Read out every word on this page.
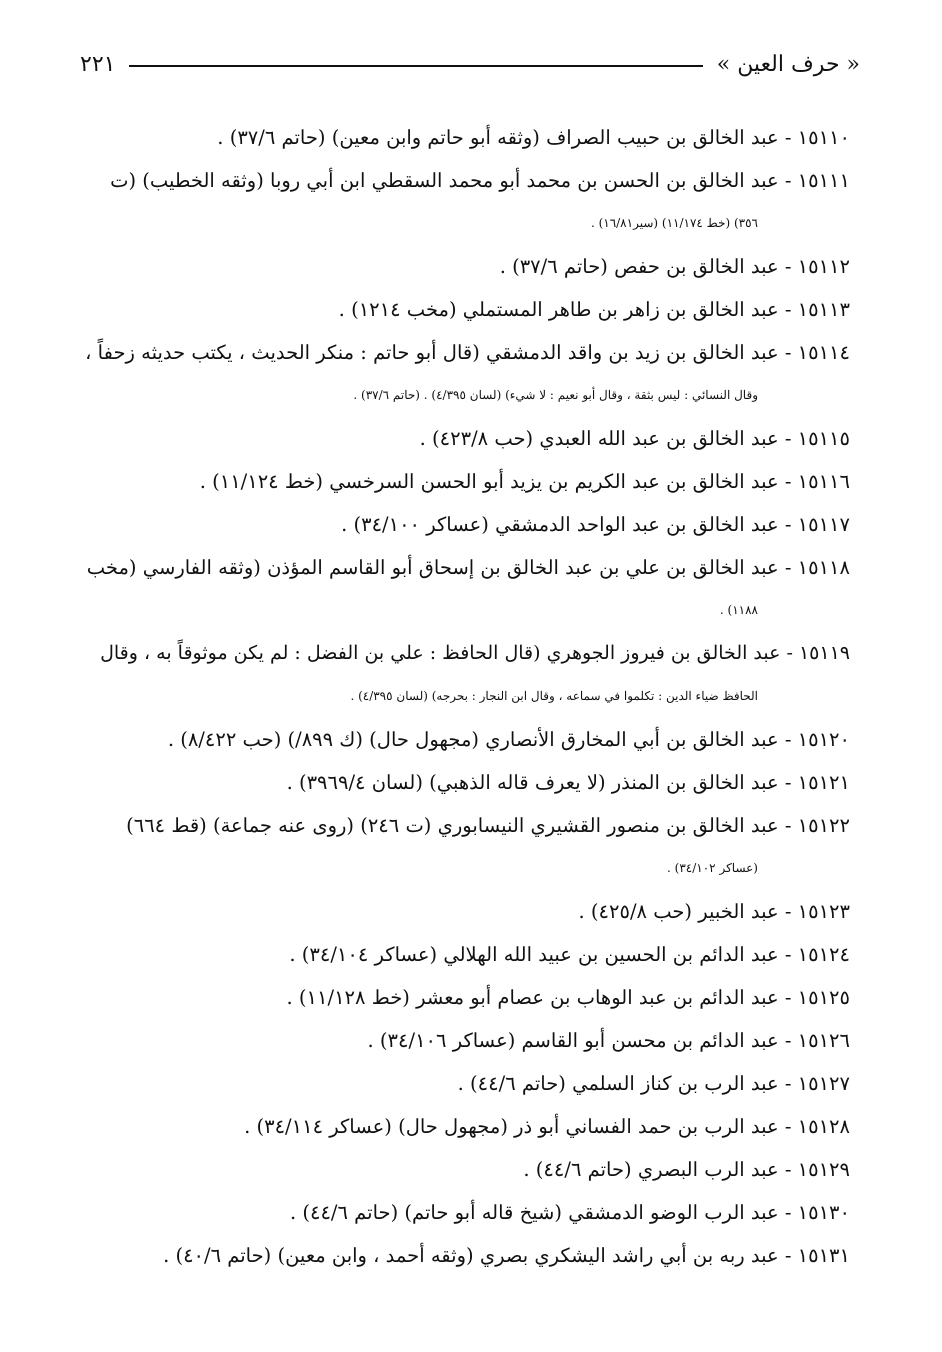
« حرف العين »
٢٢١
١٥١١٠ - عبد الخالق بن حبيب الصراف (وثقه أبو حاتم وابن معين) (حاتم ٣٧/٦) .
١٥١١١ - عبد الخالق بن الحسن بن محمد أبو محمد السقطي ابن أبي روبا (وثقه الخطيب) (ت
٣٥٦) (خط ١١/١٧٤) (سير١٦/٨١) .
١٥١١٢ - عبد الخالق بن حفص (حاتم ٣٧/٦) .
١٥١١٣ - عبد الخالق بن زاهر بن طاهر المستملي (مخب ١٢١٤) .
١٥١١٤ - عبد الخالق بن زيد بن واقد الدمشقي (قال أبو حاتم : منكر الحديث ، يكتب حديثه زحفاً ،
وقال النسائي : ليس بثقة ، وقال أبو نعيم : لا شيء) (لسان ٤/٣٩٥) . (حاتم ٣٧/٦) .
١٥١١٥ - عبد الخالق بن عبد الله العبدي (حب ٤٢٣/٨) .
١٥١١٦ - عبد الخالق بن عبد الكريم بن يزيد أبو الحسن السرخسي (خط ١١/١٢٤) .
١٥١١٧ - عبد الخالق بن عبد الواحد الدمشقي (عساكر ٣٤/١٠٠) .
١٥١١٨ - عبد الخالق بن علي بن عبد الخالق بن إسحاق أبو القاسم المؤذن (وثقه الفارسي (مخب
١١٨٨) .
١٥١١٩ - عبد الخالق بن فيروز الجوهري (قال الحافظ : علي بن الفضل : لم يكن موثوقاً به ، وقال
الحافظ ضياء الدين : تكلموا في سماعه ، وقال ابن النجار : بحرجه) (لسان ٤/٣٩٥) .
١٥١٢٠ - عبد الخالق بن أبي المخارق الأنصاري (مجهول حال) (ك ٨٩٩/) (حب ٨/٤٢٢) .
١٥١٢١ - عبد الخالق بن المنذر (لا يعرف قاله الذهبي) (لسان ٣٩٦٩/٤) .
١٥١٢٢ - عبد الخالق بن منصور القشيري النيسابوري (ت ٢٤٦) (روى عنه جماعة) (قط ٦٦٤)
(عساكر ٣٤/١٠٢) .
١٥١٢٣ - عبد الخبير (حب ٤٢٥/٨) .
١٥١٢٤ - عبد الدائم بن الحسين بن عبيد الله الهلالي (عساكر ٣٤/١٠٤) .
١٥١٢٥ - عبد الدائم بن عبد الوهاب بن عصام أبو معشر (خط ١١/١٢٨) .
١٥١٢٦ - عبد الدائم بن محسن أبو القاسم (عساكر ٣٤/١٠٦) .
١٥١٢٧ - عبد الرب بن كناز السلمي (حاتم ٤٤/٦) .
١٥١٢٨ - عبد الرب بن حمد الفساني أبو ذر (مجهول حال) (عساكر ٣٤/١١٤) .
١٥١٢٩ - عبد الرب البصري (حاتم ٤٤/٦) .
١٥١٣٠ - عبد الرب الوضو الدمشقي (شيخ قاله أبو حاتم) (حاتم ٤٤/٦) .
١٥١٣١ - عبد ربه بن أبي راشد اليشكري بصري (وثقه أحمد ، وابن معين) (حاتم ٤٠/٦) .
